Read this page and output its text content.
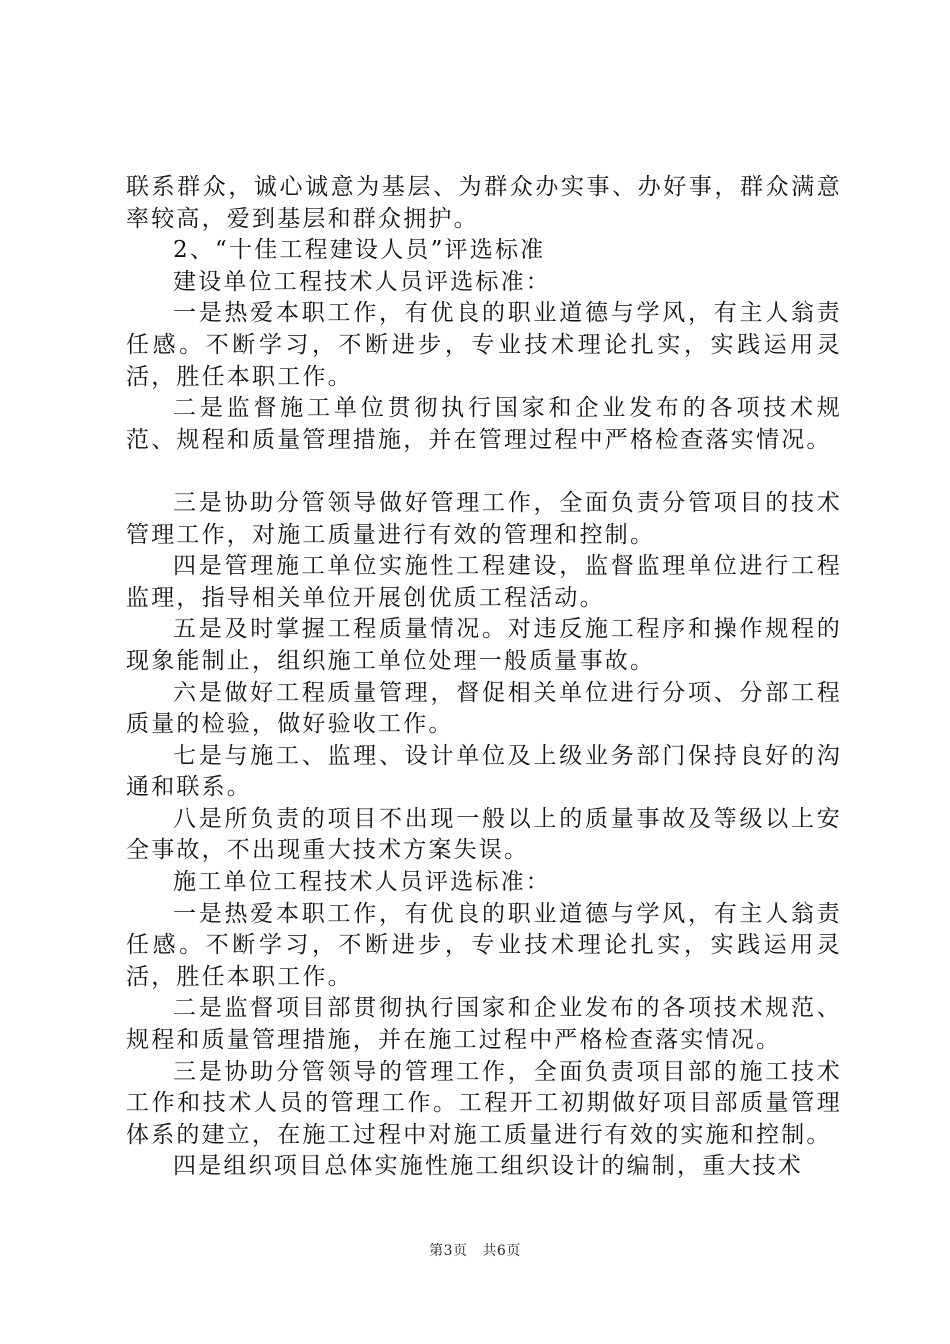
联系群众，诚心诚意为基层、为群众办实事、办好事，群众满意率较高，爱到基层和群众拥护。

2、“十佳工程建设人员”评选标准

建设单位工程技术人员评选标准：

一是热爱本职工作，有优良的职业道德与学风，有主人翁责任感。不断学习，不断进步，专业技术理论扎实，实践运用灵活，胜任本职工作。

二是监督施工单位贯彻执行国家和企业发布的各项技术规范、规程和质量管理措施，并在管理过程中严格检查落实情况。

三是协助分管领导做好管理工作，全面负责分管项目的技术管理工作，对施工质量进行有效的管理和控制。

四是管理施工单位实施性工程建设，监督监理单位进行工程监理，指导相关单位开展创优质工程活动。

五是及时掌握工程质量情况。对违反施工程序和操作规程的现象能制止，组织施工单位处理一般质量事故。

六是做好工程质量管理，督促相关单位进行分项、分部工程质量的检验，做好验收工作。

七是与施工、监理、设计单位及上级业务部门保持良好的沟通和联系。

八是所负责的项目不出现一般以上的质量事故及等级以上安全事故，不出现重大技术方案失误。

施工单位工程技术人员评选标准：

一是热爱本职工作，有优良的职业道德与学风，有主人翁责任感。不断学习，不断进步，专业技术理论扎实，实践运用灵活，胜任本职工作。

二是监督项目部贯彻执行国家和企业发布的各项技术规范、规程和质量管理措施，并在施工过程中严格检查落实情况。

三是协助分管领导的管理工作，全面负责项目部的施工技术工作和技术人员的管理工作。工程开工初期做好项目部质量管理体系的建立，在施工过程中对施工质量进行有效的实施和控制。

四是组织项目总体实施性施工组织设计的编制，重大技术

第3页 共6页
